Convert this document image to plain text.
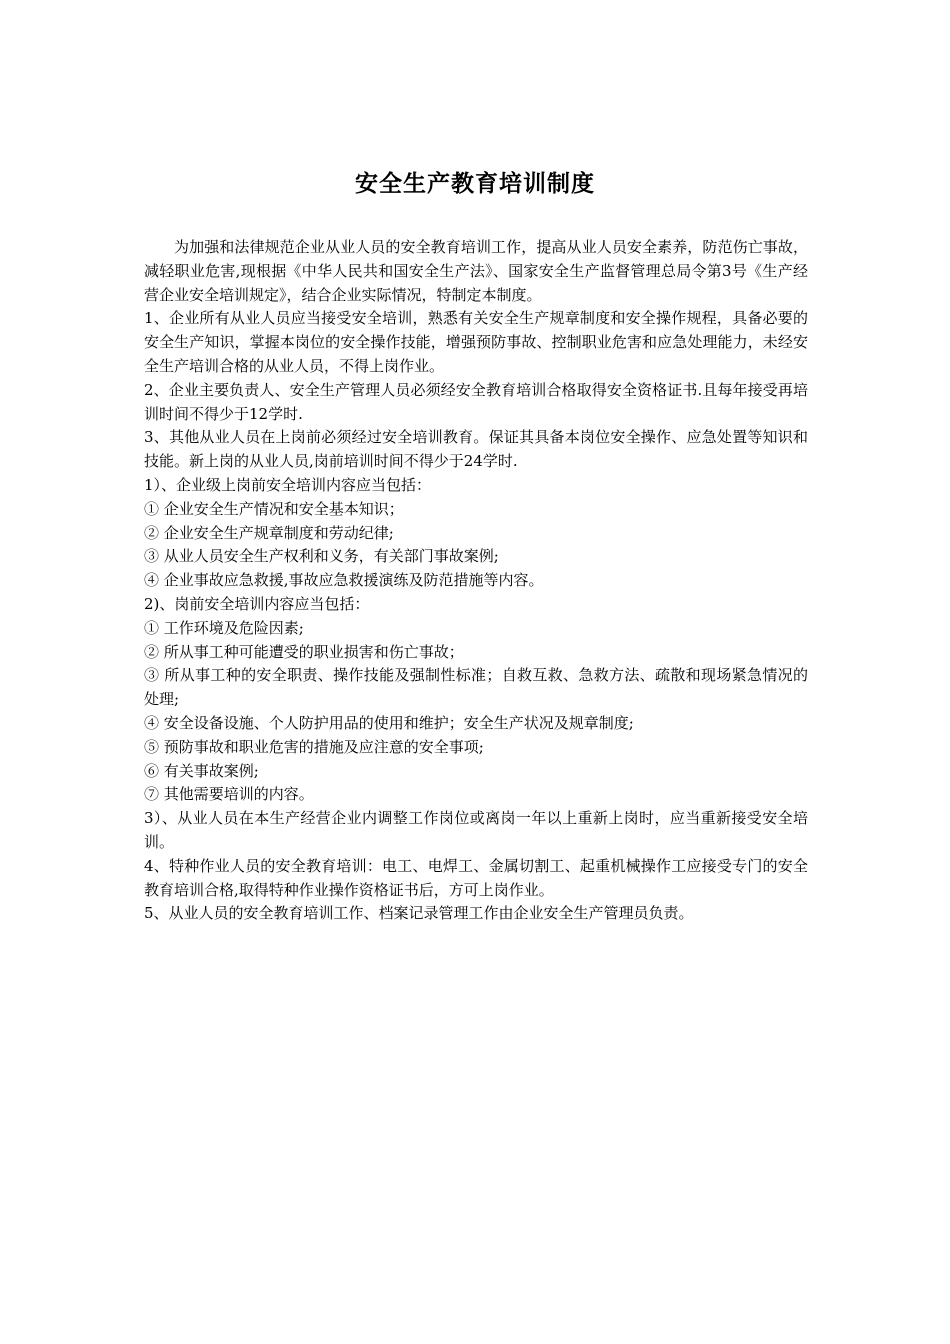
安全生产教育培训制度

为加强和法律规范企业从业人员的安全教育培训工作，提高从业人员安全素养，防范伤亡事故，减轻职业危害,现根据《中华人民共和国安全生产法》、国家安全生产监督管理总局令第3号《生产经营企业安全培训规定》，结合企业实际情况，特制定本制度。

1、企业所有从业人员应当接受安全培训，熟悉有关安全生产规章制度和安全操作规程，具备必要的安全生产知识，掌握本岗位的安全操作技能，增强预防事故、控制职业危害和应急处理能力，未经安全生产培训合格的从业人员，不得上岗作业。

2、企业主要负责人、安全生产管理人员必须经安全教育培训合格取得安全资格证书.且每年接受再培训时间不得少于12学时.

3、其他从业人员在上岗前必须经过安全培训教育。保证其具备本岗位安全操作、应急处置等知识和技能。新上岗的从业人员,岗前培训时间不得少于24学时.

1）、企业级上岗前安全培训内容应当包括：

① 企业安全生产情况和安全基本知识；

② 企业安全生产规章制度和劳动纪律;

③ 从业人员安全生产权利和义务，有关部门事故案例;

④ 企业事故应急救援,事故应急救援演练及防范措施等内容。

2)、岗前安全培训内容应当包括：

① 工作环境及危险因素;

② 所从事工种可能遭受的职业损害和伤亡事故；

③ 所从事工种的安全职责、操作技能及强制性标准；自救互救、急救方法、疏散和现场紧急情况的处理;

④ 安全设备设施、个人防护用品的使用和维护；安全生产状况及规章制度;

⑤ 预防事故和职业危害的措施及应注意的安全事项;

⑥ 有关事故案例;

⑦ 其他需要培训的内容。

3）、从业人员在本生产经营企业内调整工作岗位或离岗一年以上重新上岗时，应当重新接受安全培训。

4、特种作业人员的安全教育培训：电工、电焊工、金属切割工、起重机械操作工应接受专门的安全教育培训合格,取得特种作业操作资格证书后，方可上岗作业。

5、从业人员的安全教育培训工作、档案记录管理工作由企业安全生产管理员负责。
